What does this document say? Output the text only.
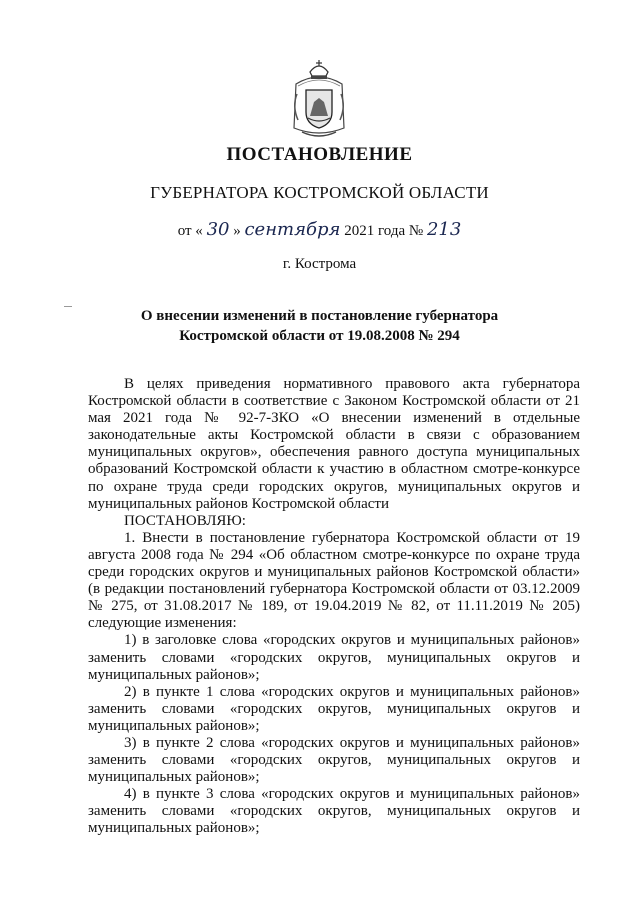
ПОСТАНОВЛЕНИЕ
ГУБЕРНАТОРА КОСТРОМСКОЙ ОБЛАСТИ
от « 30 » сентября 2021 года № 213
г. Кострома
О внесении изменений в постановление губернатора
Костромской области от 19.08.2008 № 294

В целях приведения нормативного правового акта губернатора Костромской области в соответствие с Законом Костромской области от 21 мая 2021 года № 92-7-ЗКО «О внесении изменений в отдельные законодательные акты Костромской области в связи с образованием муниципальных округов», обеспечения равного доступа муниципальных образований Костромской области к участию в областном смотре-конкурсе по охране труда среди городских округов, муниципальных округов и муниципальных районов Костромской области

ПОСТАНОВЛЯЮ:

1. Внести в постановление губернатора Костромской области от 19 августа 2008 года № 294 «Об областном смотре-конкурсе по охране труда среди городских округов и муниципальных районов Костромской области» (в редакции постановлений губернатора Костромской области от 03.12.2009 № 275, от 31.08.2017 № 189, от 19.04.2019 № 82, от 11.11.2019 № 205) следующие изменения:

1) в заголовке слова «городских округов и муниципальных районов» заменить словами «городских округов, муниципальных округов и муниципальных районов»;

2) в пункте 1 слова «городских округов и муниципальных районов» заменить словами «городских округов, муниципальных округов и муниципальных районов»;

3) в пункте 2 слова «городских округов и муниципальных районов» заменить словами «городских округов, муниципальных округов и муниципальных районов»;

4) в пункте 3 слова «городских округов и муниципальных районов» заменить словами «городских округов, муниципальных округов и муниципальных районов»;
